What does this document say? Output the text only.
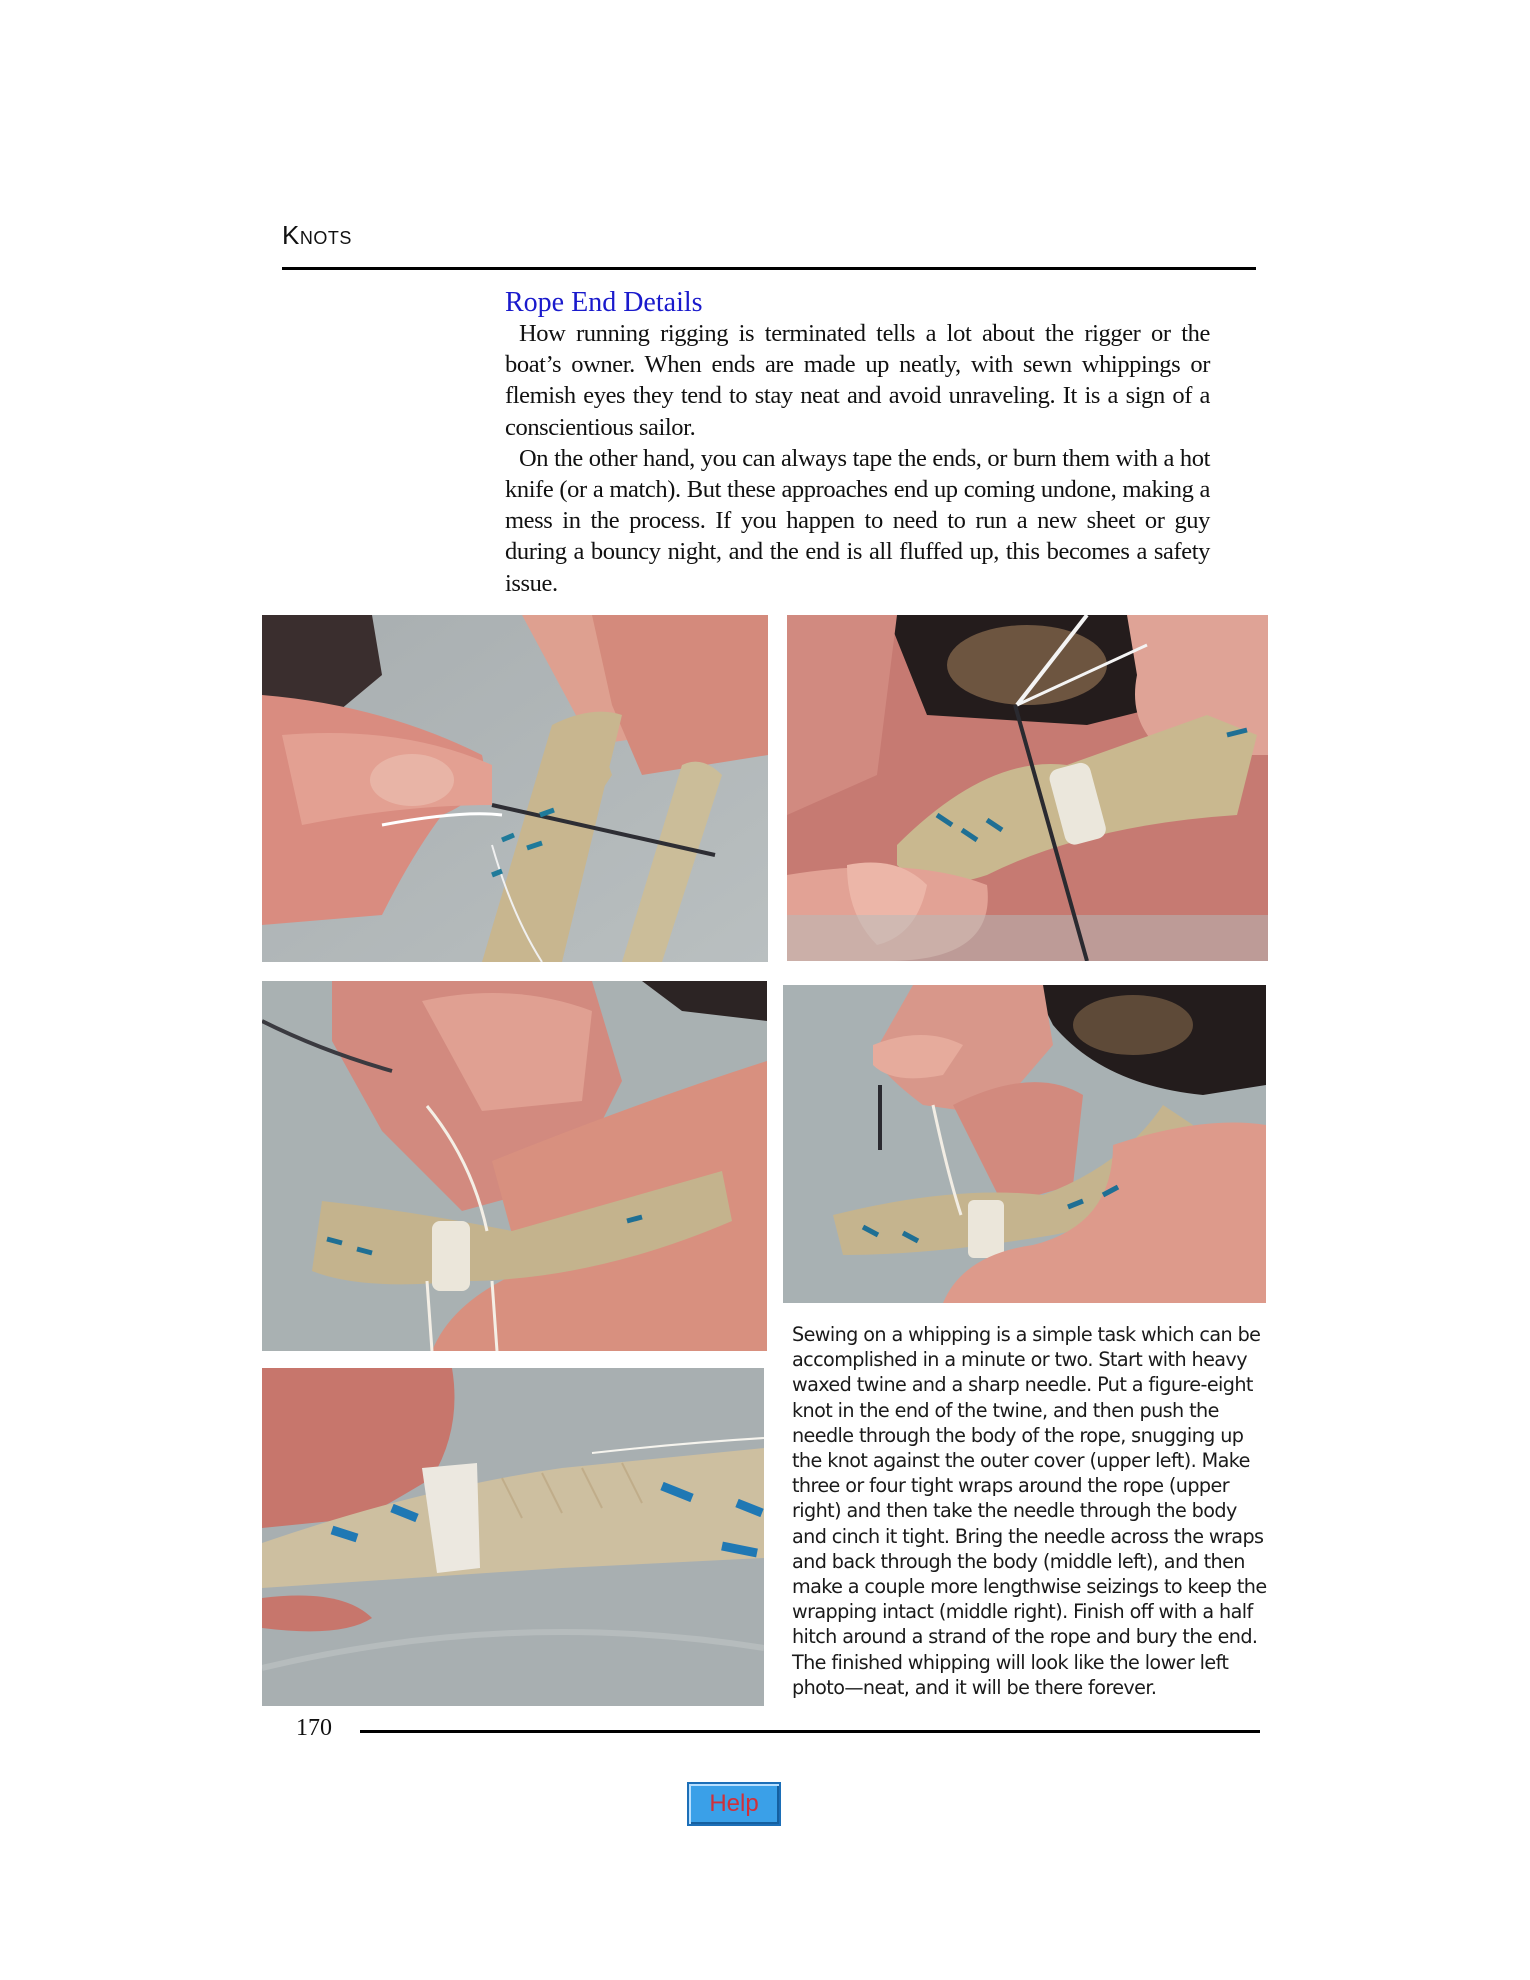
Knots
Rope End Details

How running rigging is terminated tells a lot about the rigger or the boat’s owner. When ends are made up neatly, with sewn whippings or flemish eyes they tend to stay neat and avoid unraveling. It is a sign of a conscientious sailor.

On the other hand, you can always tape the ends, or burn them with a hot knife (or a match). But these approaches end up coming undone, making a mess in the process. If you happen to need to run a new sheet or guy during a bouncy night, and the end is all fluffed up, this becomes a safety issue.

Sewing on a whipping is a simple task which can be accomplished in a minute or two. Start with heavy waxed twine and a sharp needle. Put a figure-eight knot in the end of the twine, and then push the needle through the body of the rope, snugging up the knot against the outer cover (upper left). Make three or four tight wraps around the rope (upper right) and then take the needle through the body and cinch it tight. Bring the needle across the wraps and back through the body (middle left), and then make a couple more lengthwise seizings to keep the wrapping intact (middle right). Finish off with a half hitch around a strand of the rope and bury the end. The finished whipping will look like the lower left photo—neat, and it will be there forever.

170
Help
